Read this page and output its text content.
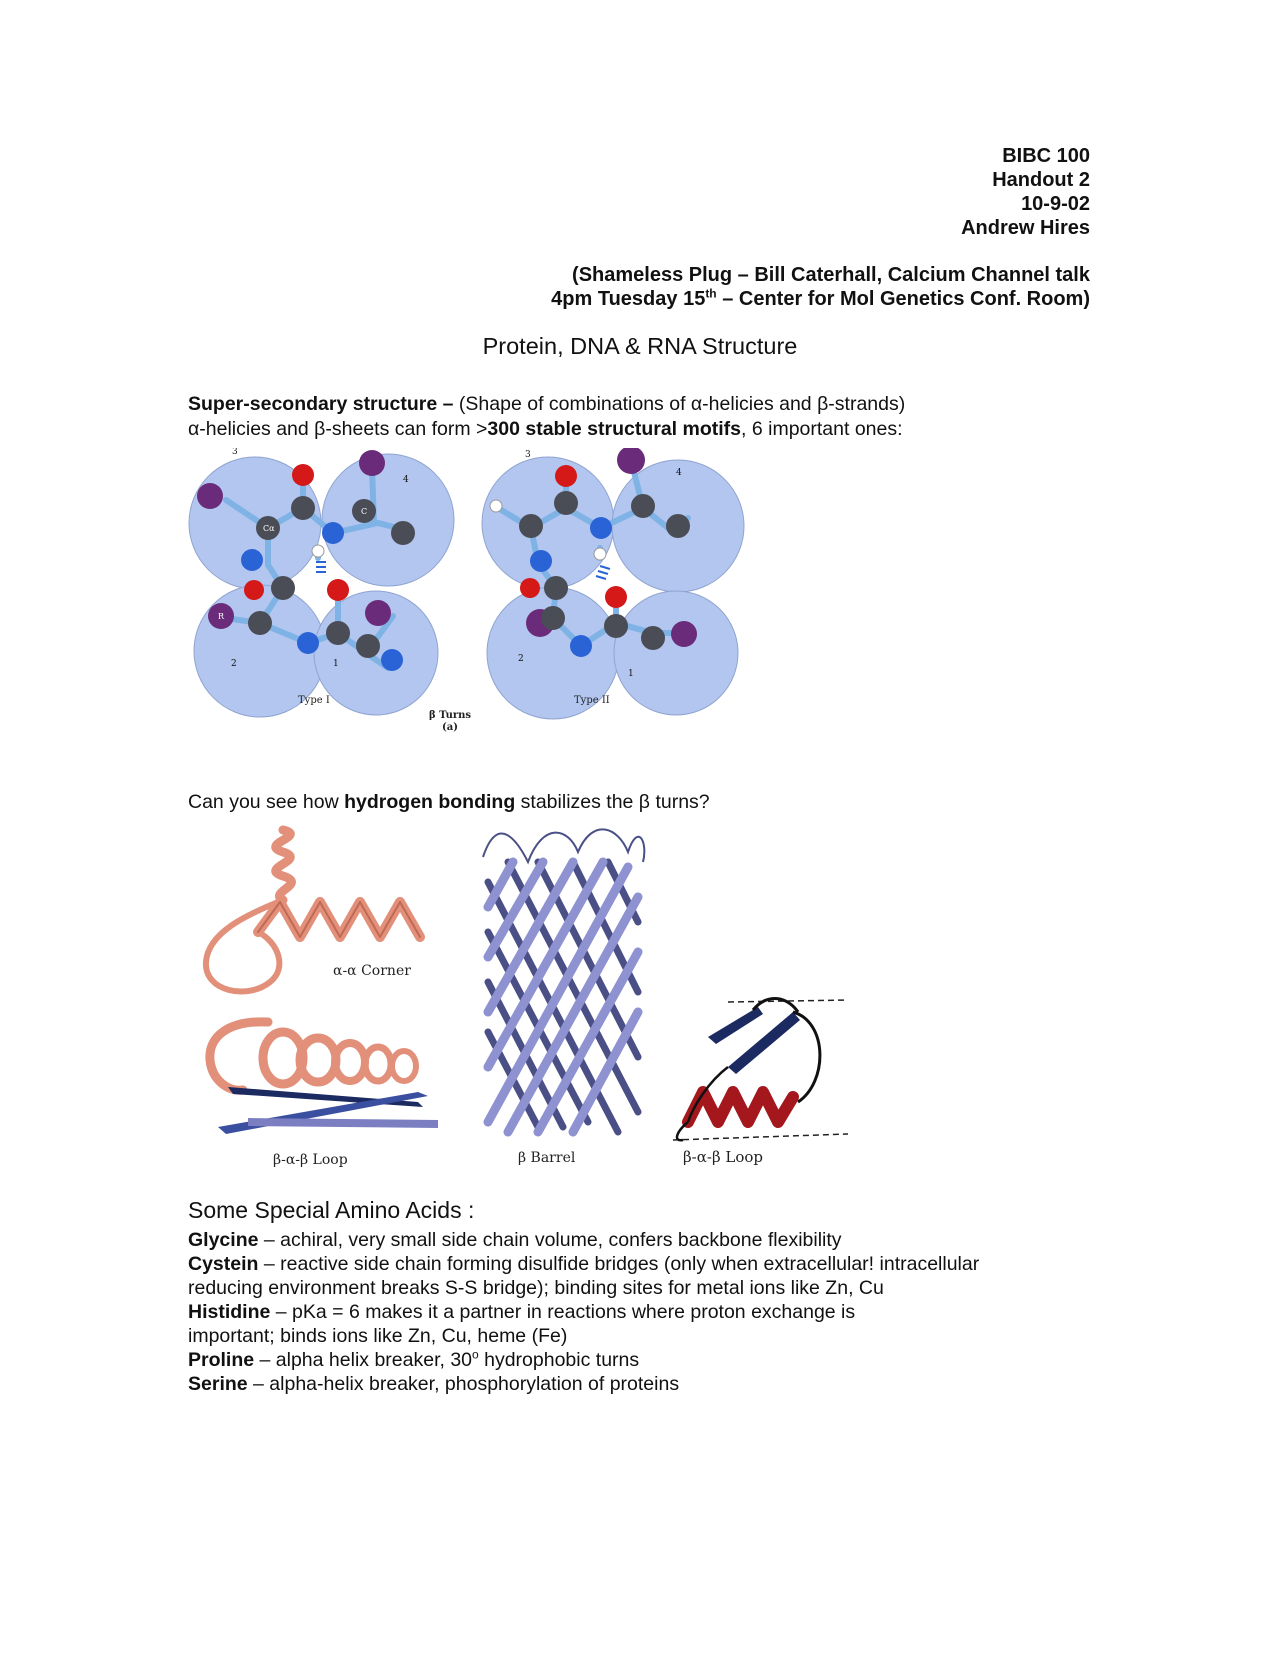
BIBC 100
Handout 2
10-9-02
Andrew Hires
(Shameless Plug – Bill Caterhall, Calcium Channel talk
4pm Tuesday 15th – Center for Mol Genetics Conf. Room)
Protein, DNA & RNA Structure
Super-secondary structure – (Shape of combinations of α-helicies and β-strands)
α-helicies and β-sheets can form >300 stable structural motifs, 6 important ones:
3
4
2	1
Cα
C
R
3
4
2
1
Type I	Type II
β Turns
(a)
Can you see how hydrogen bonding stabilizes the β turns?
α-α Corner
β-α-β Loop	β Barrel	β-α-β Loop
Some Special Amino Acids :
Glycine – achiral, very small side chain volume, confers backbone flexibility
Cystein – reactive side chain forming disulfide bridges (only when extracellular! intracellular
reducing environment breaks S-S bridge); binding sites for metal ions like Zn, Cu
Histidine – pKa = 6 makes it a partner in reactions where proton exchange is
important; binds ions like Zn, Cu, heme (Fe)
Proline – alpha helix breaker, 30$^o$ hydrophobic turns
Serine – alpha-helix breaker, phosphorylation of proteins
